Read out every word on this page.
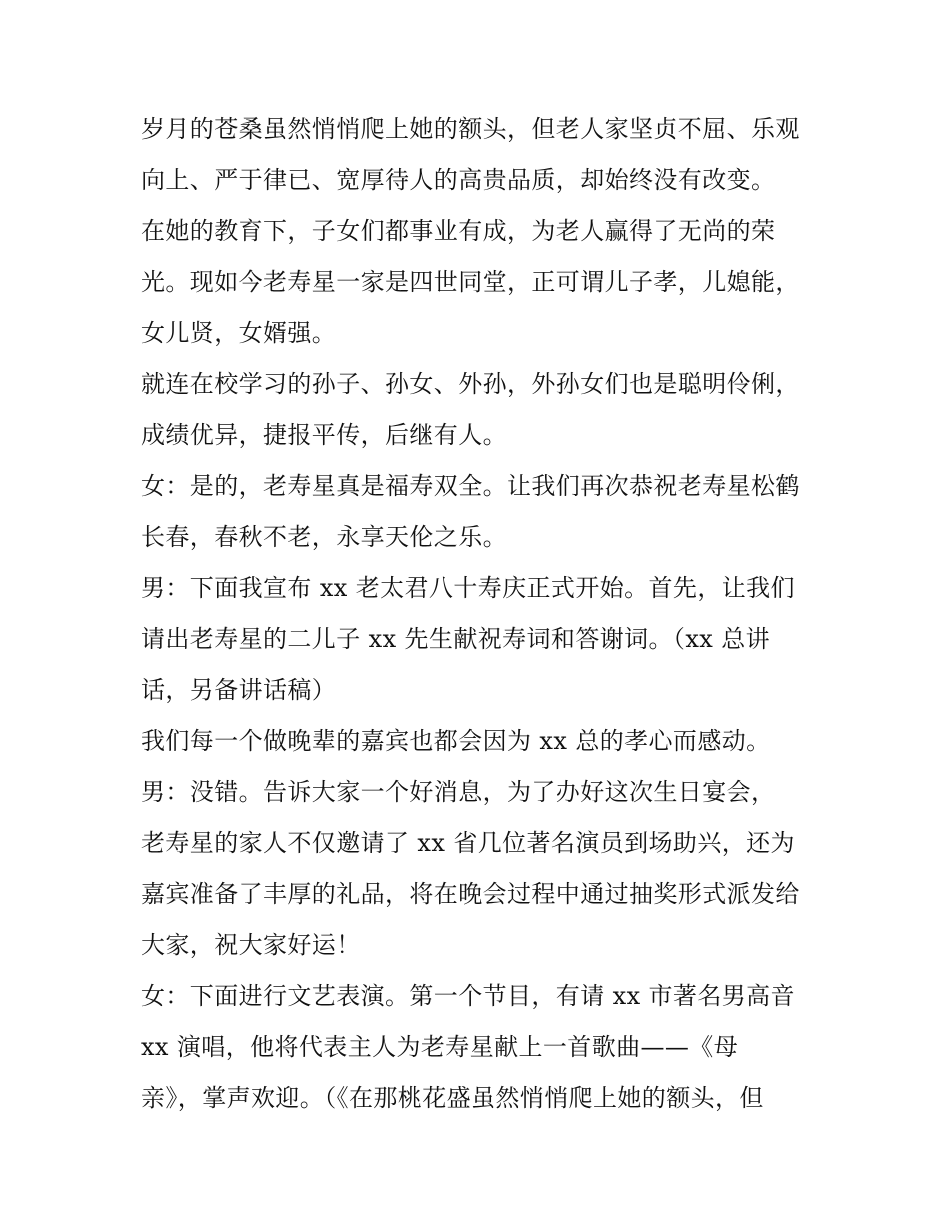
岁月的苍桑虽然悄悄爬上她的额头，但老人家坚贞不屈、乐观
向上、严于律已、宽厚待人的高贵品质，却始终没有改变。
在她的教育下，子女们都事业有成，为老人赢得了无尚的荣
光。现如今老寿星一家是四世同堂，正可谓儿子孝，儿媳能，
女儿贤，女婿强。
就连在校学习的孙子、孙女、外孙，外孙女们也是聪明伶俐，
成绩优异，捷报平传，后继有人。
女：是的，老寿星真是福寿双全。让我们再次恭祝老寿星松鹤
长春，春秋不老，永享天伦之乐。
男：下面我宣布 xx 老太君八十寿庆正式开始。首先，让我们
请出老寿星的二儿子 xx 先生献祝寿词和答谢词。（xx 总讲
话，另备讲话稿）
我们每一个做晚辈的嘉宾也都会因为 xx 总的孝心而感动。
男：没错。告诉大家一个好消息，为了办好这次生日宴会，
老寿星的家人不仅邀请了 xx 省几位著名演员到场助兴，还为
嘉宾准备了丰厚的礼品，将在晚会过程中通过抽奖形式派发给
大家，祝大家好运！
女：下面进行文艺表演。第一个节目，有请 xx 市著名男高音
xx 演唱，他将代表主人为老寿星献上一首歌曲——《母
亲》，掌声欢迎。（《在那桃花盛虽然悄悄爬上她的额头，但
